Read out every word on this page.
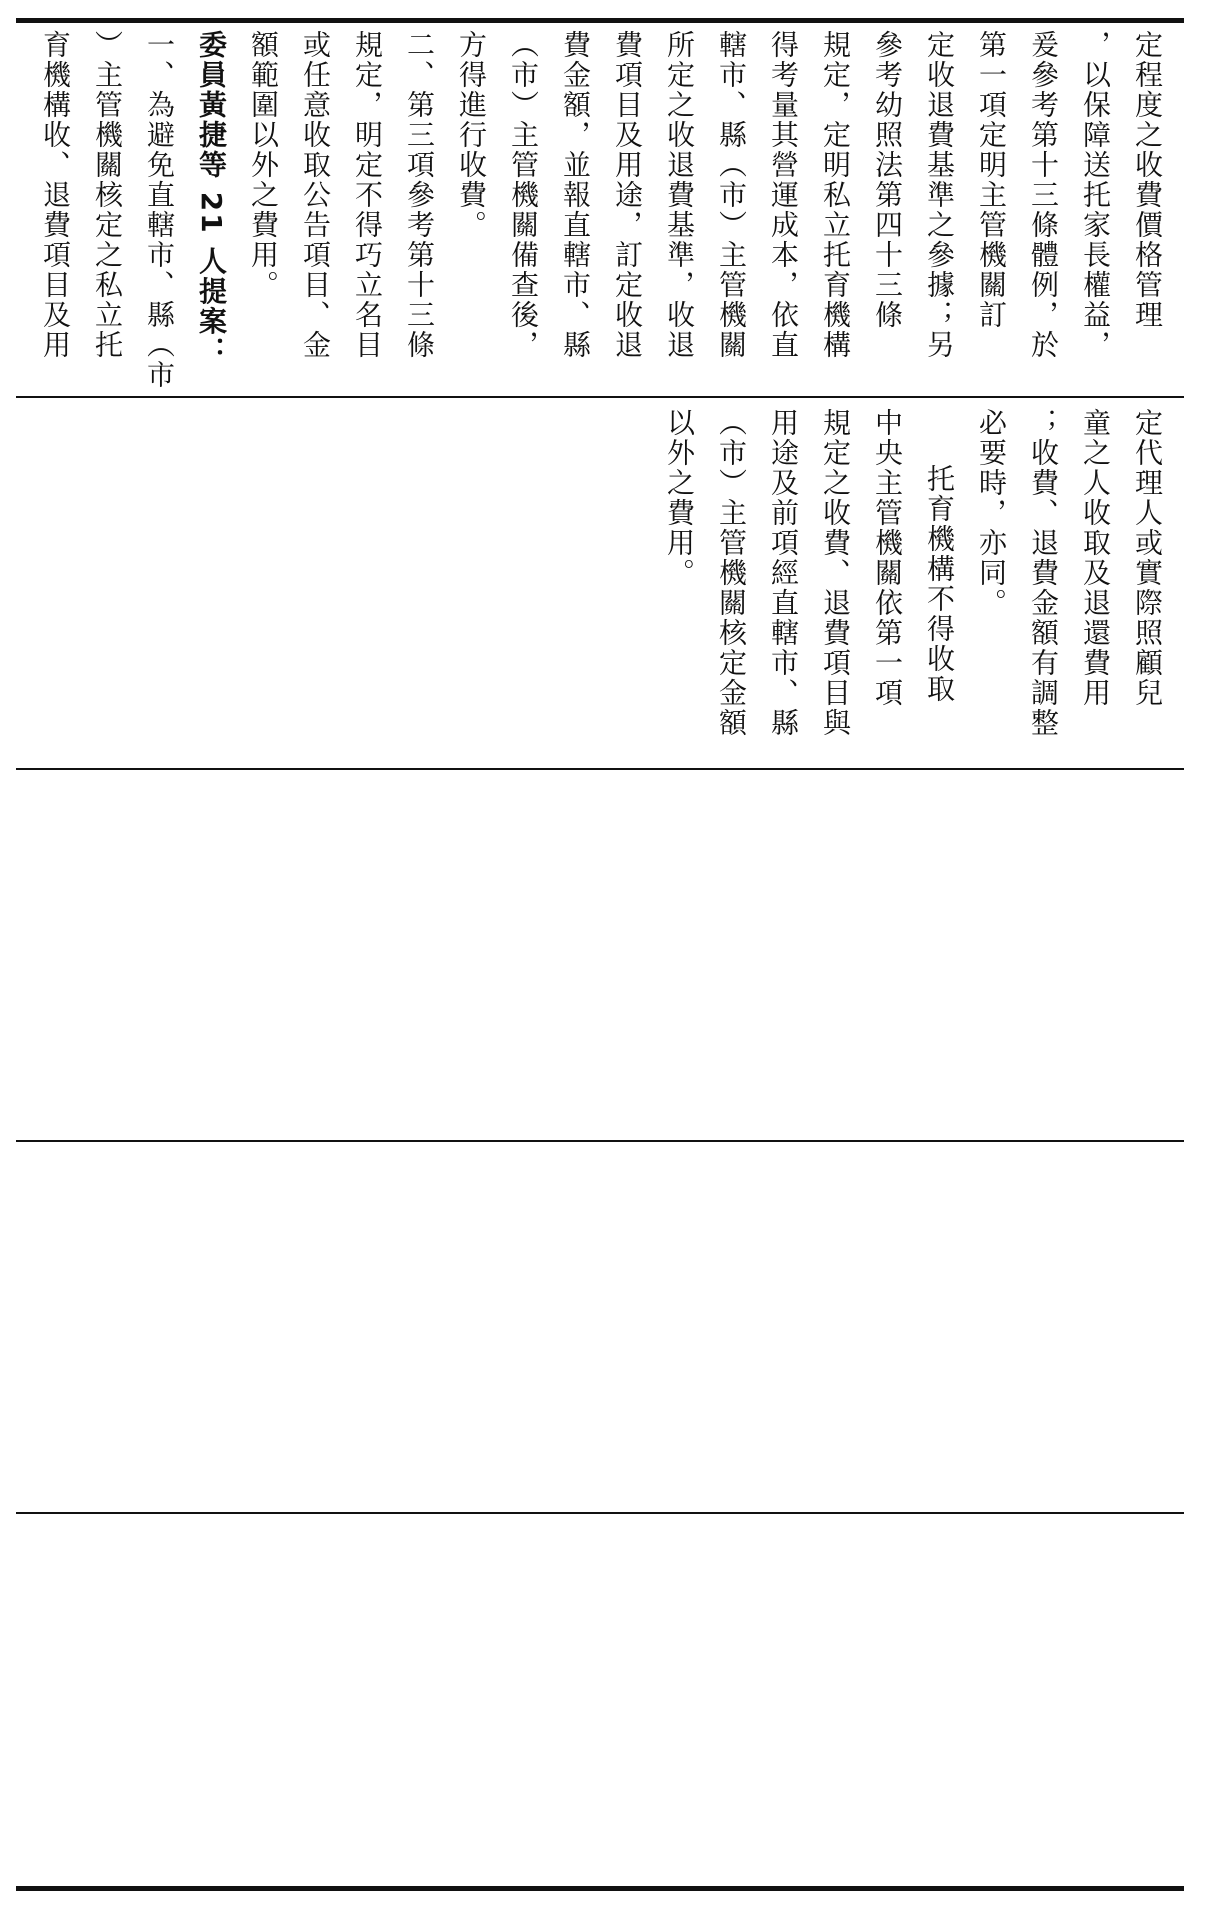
定程度之收費價格管理

，以保障送托家長權益，

爰參考第十三條體例，於

第一項定明主管機關訂

定收退費基準之參據；另

參考幼照法第四十三條

規定，定明私立托育機構

得考量其營運成本，依直

轄市、縣（市）主管機關

所定之收退費基準，收退

費項目及用途，訂定收退

費金額，並報直轄市、縣

（市）主管機關備查後，

方得進行收費。

二、第三項參考第十三條

規定，明定不得巧立名目

或任意收取公告項目、金

額範圍以外之費用。

委員黃捷等 21 人提案：

一、為避免直轄市、縣（市

）主管機關核定之私立托

育機構收、退費項目及用

定代理人或實際照顧兒

童之人收取及退還費用

；收費、退費金額有調整

必要時，亦同。

托育機構不得收取

中央主管機關依第一項

規定之收費、退費項目與

用途及前項經直轄市、縣

（市）主管機關核定金額

以外之費用。
